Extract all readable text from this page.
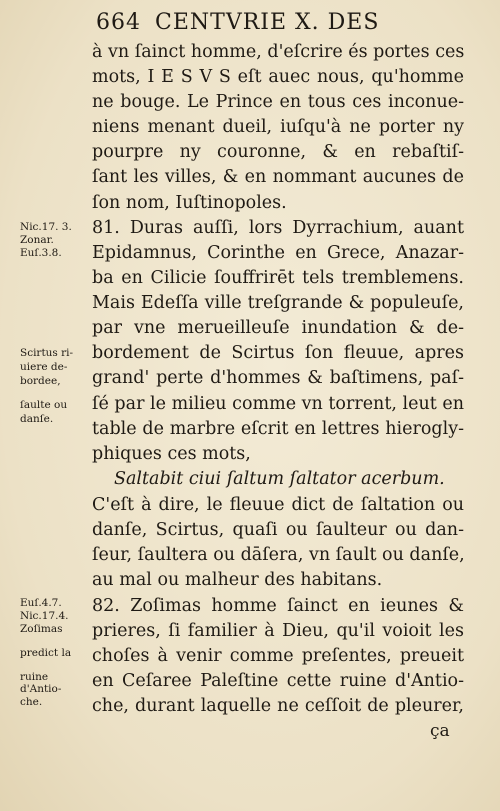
664 CENTVRIE X. DES
à vn ſainct homme, d'eſcrire és portes ces
mots, I E S V S eſt auec nous, qu'homme
ne bouge. Le Prince en tous ces inconue-
niens menant dueil, iuſqu'à ne porter ny
pourpre ny couronne, & en rebaſtiſ-
ſant les villes, & en nommant aucunes de
ſon nom, Iuſtinopoles.
81. Duras auſſi, lors Dyrrachium, auant
Epidamnus, Corinthe en Grece, Anazar-
ba en Cilicie ſouffrirēt tels tremblemens.
Mais Edeſſa ville treſgrande & populeuſe,
par vne merueilleuſe inundation & de-
bordement de Scirtus ſon fleuue, apres
grand' perte d'hommes & baſtimens, paſ-
ſé par le milieu comme vn torrent, leut en
table de marbre eſcrit en lettres hierogly-
phiques ces mots,
Saltabit ciui ſaltum ſaltator acerbum.
C'eſt à dire, le fleuue dict de ſaltation ou
danſe, Scirtus, quaſi ou ſaulteur ou dan-
ſeur, ſaultera ou dāſera, vn ſault ou danſe,
au mal ou malheur des habitans.
82. Zoſimas homme ſainct en ieunes &
prieres, ſi familier à Dieu, qu'il voioit les
choſes à venir comme preſentes, preueit
en Ceſaree Paleſtine cette ruine d'Antio-
che, durant laquelle ne ceſſoit de pleurer,
Nic.17. 3.
Zonar.
Euſ.3.8.
Scirtus ri-
uiere de-
bordee,
ſaulte ou
danſe.
Euſ.4.7.
Nic.17.4.
Zoſimas
predict la
ruine
d'Antio-
che.
ça
